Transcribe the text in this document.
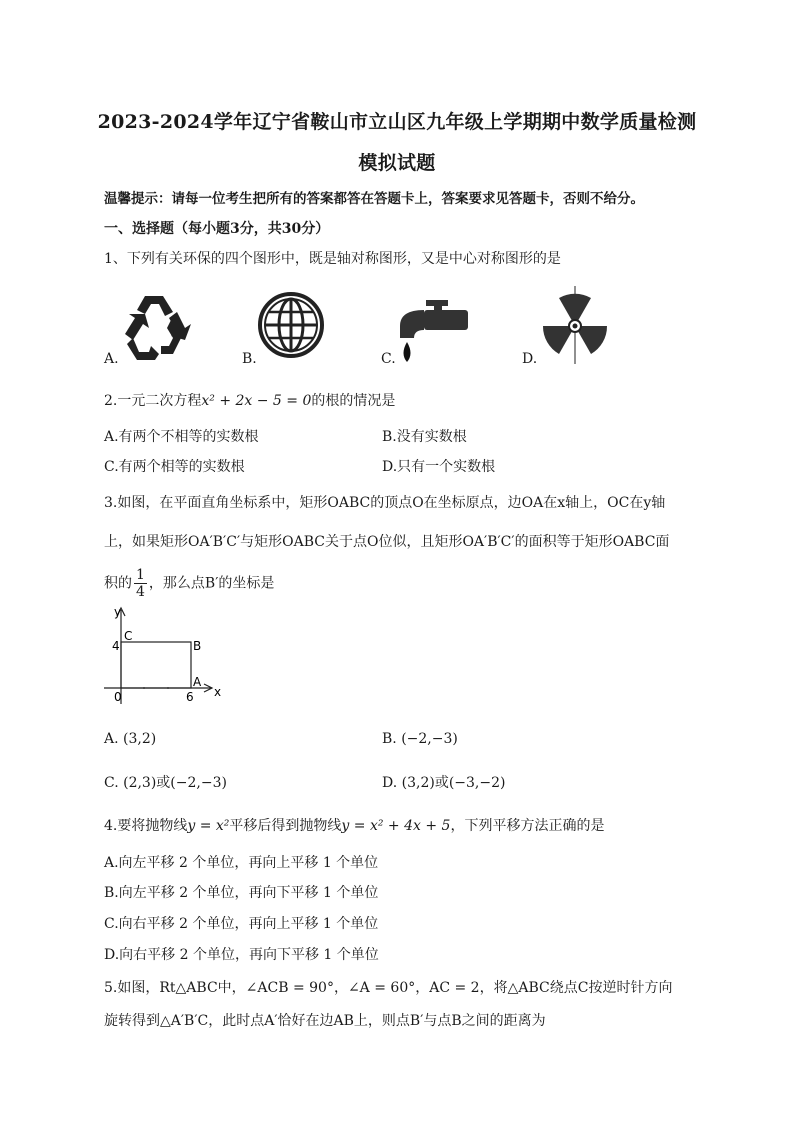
2023-2024学年辽宁省鞍山市立山区九年级上学期期中数学质量检测
模拟试题
温馨提示：请每一位考生把所有的答案都答在答题卡上，答案要求见答题卡，否则不给分。
一、选择题（每小题3分，共30分）
1、下列有关环保的四个图形中，既是轴对称图形，又是中心对称图形的是
A.	B.	C.	D.
2.一元二次方程x² + 2x − 5 = 0的根的情况是
A.有两个不相等的实数根	B.没有实数根
C.有两个相等的实数根	D.只有一个实数根
3.如图，在平面直角坐标系中，矩形OABC的顶点O在坐标原点，边OA在x轴上，OC在y轴
上，如果矩形OA′B′C′与矩形OABC关于点O位似，且矩形OA′B′C′的面积等于矩形OABC面
积的 $\frac{1}{4}$ ，那么点B′的坐标是
y
x
0
4
6
C
B
A
A. (3,2)	B. (−2,−3)
C. (2,3)或(−2,−3)	D. (3,2)或(−3,−2)
4.要将抛物线y = x²平移后得到抛物线y = x² + 4x + 5，下列平移方法正确的是
A.向左平移 2 个单位，再向上平移 1 个单位
B.向左平移 2 个单位，再向下平移 1 个单位
C.向右平移 2 个单位，再向上平移 1 个单位
D.向右平移 2 个单位，再向下平移 1 个单位
5.如图，Rt△ABC中，∠ACB = 90°，∠A = 60°，AC = 2，将△ABC绕点C按逆时针方向
旋转得到△A′B′C，此时点A′恰好在边AB上，则点B′与点B之间的距离为
